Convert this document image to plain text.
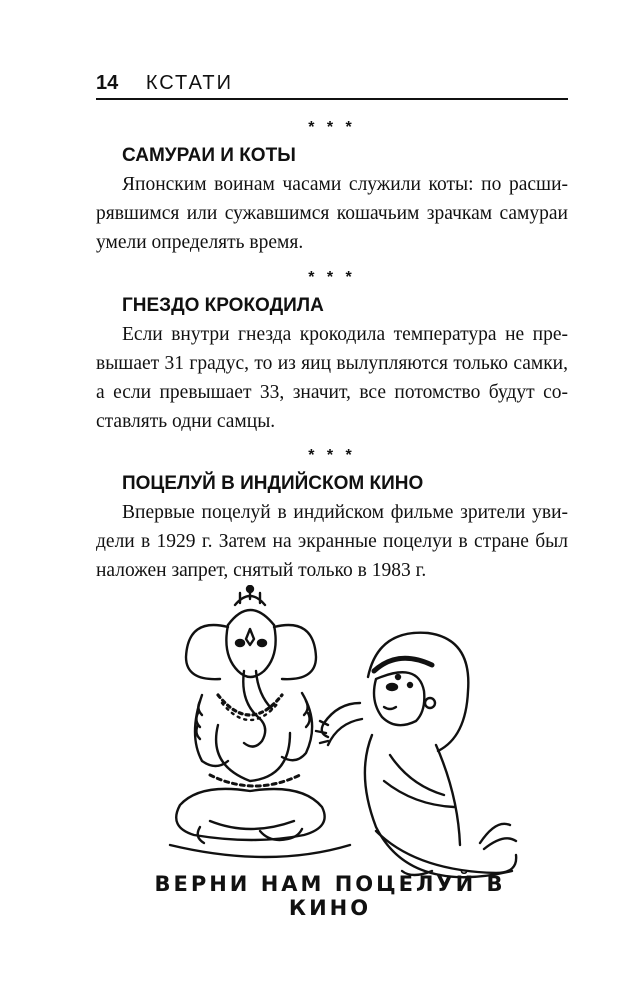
14 КСТАТИ
* * *
САМУРАИ И КОТЫ
Японским воинам часами служили коты: по расши-
рявшимся или сужавшимся кошачьим зрачкам самураи
умели определять время.
* * *
ГНЕЗДО КРОКОДИЛА
Если внутри гнезда крокодила температура не пре-
вышает 31 градус, то из яиц вылупляются только самки,
а если превышает 33, значит, все потомство будут со-
ставлять одни самцы.
* * *
ПОЦЕЛУЙ В ИНДИЙСКОМ КИНО
Впервые поцелуй в индийском фильме зрители уви-
дели в 1929 г. Затем на экранные поцелуи в стране был
наложен запрет, снятый только в 1983 г.
ВЕРНИ НАМ ПОЦЕЛУЙ В КИНО
